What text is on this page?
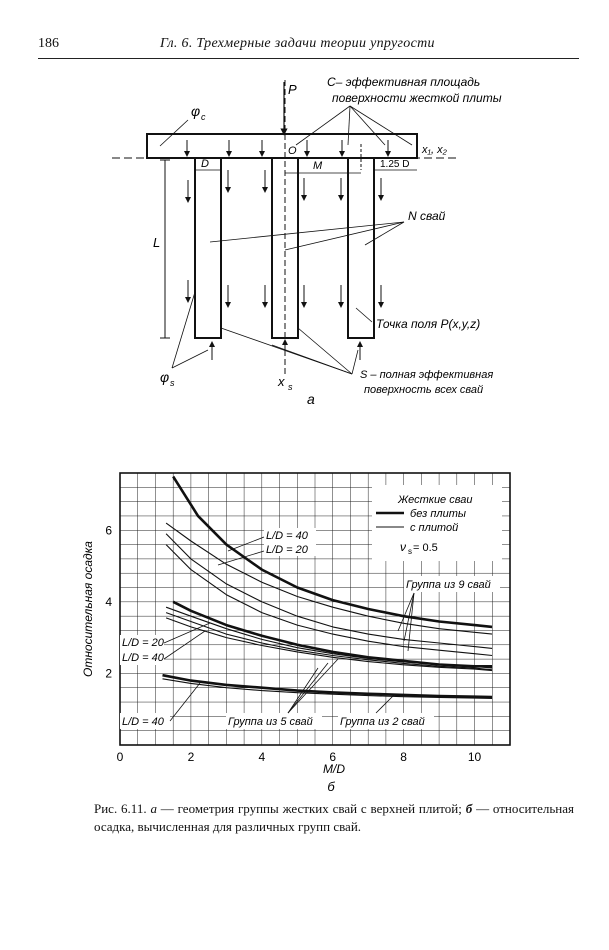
186	Гл. 6. Трехмерные задачи теории упругости
C– эффективная площадь
поверхности жесткой плиты
P
φ c
D
O
M	1.25 D
x₁, x₂
N свай
L
Точка поля P(x,y,z)
x s
φ s
S – полная эффективная
поверхность всех свай
а
0	2	4	6	8	10
2
4
6
Относительная осадка
M/D
б
Жесткие сваи
без плиты
с плитой
ν s = 0.5
L/D = 40
L/D = 20
L/D = 20
L/D = 40
L/D = 40
Группа из 9 свай
Группа из 5 свай Группа из 2 свай
Рис. 6.11. а — геометрия группы жестких свай с верхней плитой; б — относительная осадка, вычисленная для различных групп свай.
